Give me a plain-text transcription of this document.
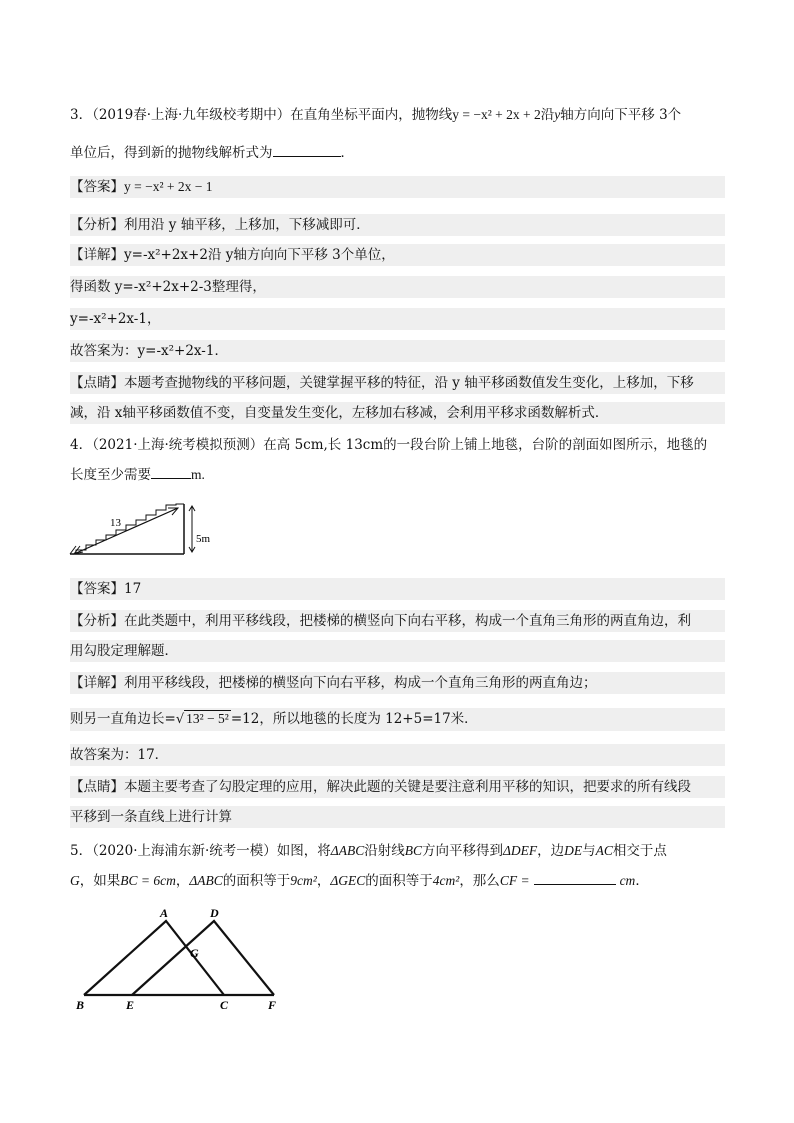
3．（2019春·上海·九年级校考期中）在直角坐标平面内，抛物线y = −x² + 2x + 2沿y轴方向向下平移 3个
单位后，得到新的抛物线解析式为	．
【答案】y = −x² + 2x − 1
【分析】利用沿 y 轴平移，上移加，下移减即可．
【详解】y=-x²+2x+2沿 y轴方向向下平移 3个单位，
得函数 y=-x²+2x+2-3整理得，
y=-x²+2x-1，
故答案为：y=-x²+2x-1．
【点睛】本题考查抛物线的平移问题，关键掌握平移的特征，沿 y 轴平移函数值发生变化，上移加，下移
减，沿 x轴平移函数值不变，自变量发生变化，左移加右移减，会利用平移求函数解析式．
4．（2021·上海·统考模拟预测）在高 5cm,长 13cm的一段台阶上铺上地毯，台阶的剖面如图所示，地毯的
长度至少需要	m.
13
5m
【答案】17
【分析】在此类题中，利用平移线段，把楼梯的横竖向下向右平移，构成一个直角三角形的两直角边，利
用勾股定理解题．
【详解】利用平移线段，把楼梯的横竖向下向右平移，构成一个直角三角形的两直角边；
则另一直角边长=√ 13² − 5² =12，所以地毯的长度为 12+5=17米．
故答案为：17．
【点睛】本题主要考查了勾股定理的应用，解决此题的关键是要注意利用平移的知识，把要求的所有线段
平移到一条直线上进行计算
5．（2020·上海浦东新·统考一模）如图，将ΔABC沿射线BC方向平移得到ΔDEF，边DE与AC相交于点
G，如果BC = 6cm，ΔABC的面积等于9cm²，ΔGEC的面积等于4cm²，那么CF =	cm．
A	D
G
B	E	C	F
